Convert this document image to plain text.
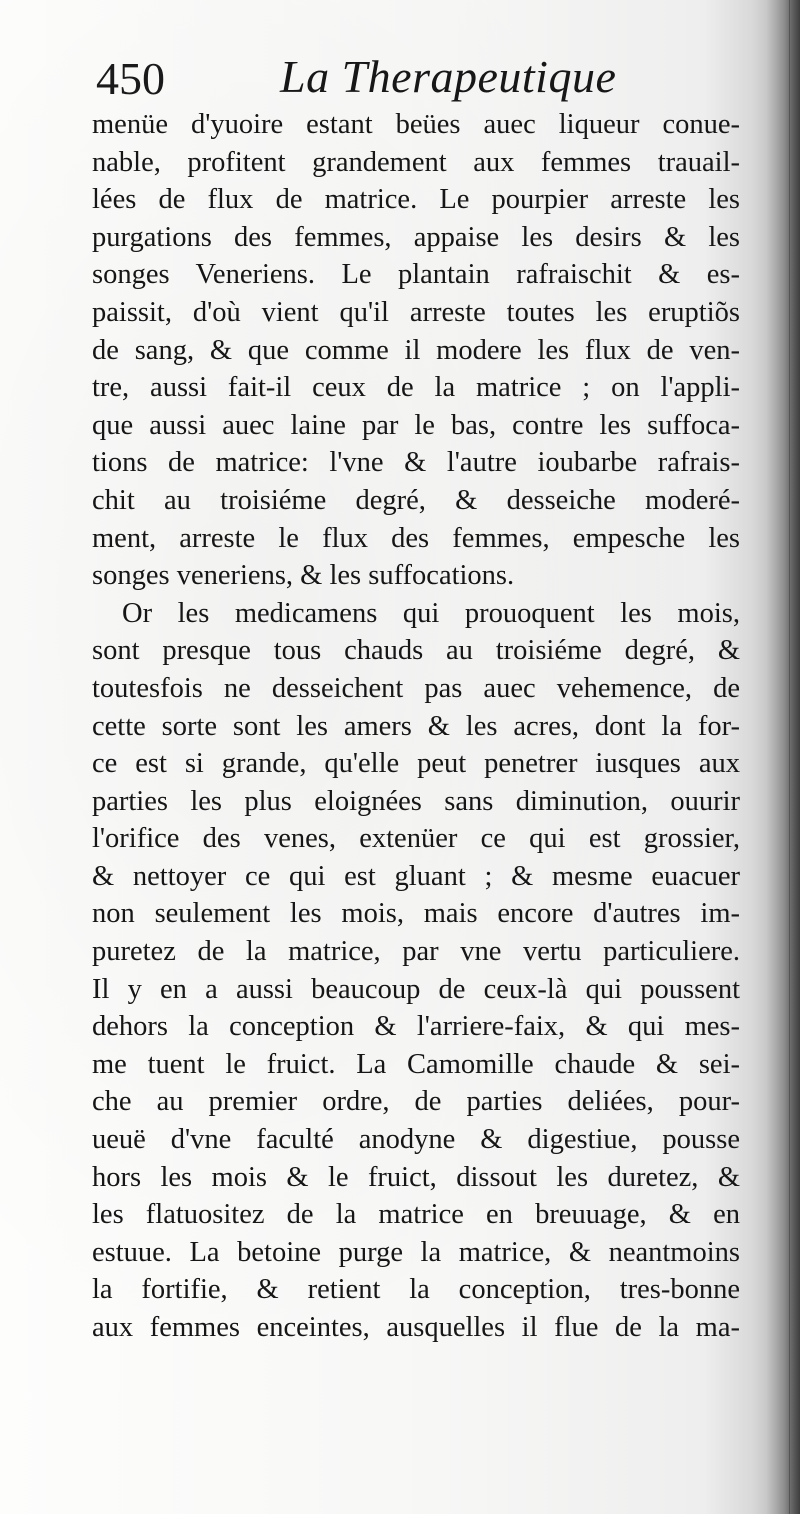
450	La Therapeutique
menüe d'yuoire estant beües auec liqueur conue-
nable, profitent grandement aux femmes trauail-
lées de flux de matrice. Le pourpier arreste les
purgations des femmes, appaise les desirs & les
songes Veneriens. Le plantain rafraischit & es-
paissit, d'où vient qu'il arreste toutes les eruptiõs
de sang, & que comme il modere les flux de ven-
tre, aussi fait-il ceux de la matrice ; on l'appli-
que aussi auec laine par le bas, contre les suffoca-
tions de matrice: l'vne & l'autre ioubarbe rafrais-
chit au troisiéme degré, & desseiche moderé-
ment, arreste le flux des femmes, empesche les
songes veneriens, & les suffocations.
Or les medicamens qui prouoquent les mois,
sont presque tous chauds au troisiéme degré, &
toutesfois ne desseichent pas auec vehemence, de
cette sorte sont les amers & les acres, dont la for-
ce est si grande, qu'elle peut penetrer iusques aux
parties les plus eloignées sans diminution, ouurir
l'orifice des venes, extenüer ce qui est grossier,
& nettoyer ce qui est gluant ; & mesme euacuer
non seulement les mois, mais encore d'autres im-
puretez de la matrice, par vne vertu particuliere.
Il y en a aussi beaucoup de ceux-là qui poussent
dehors la conception & l'arriere-faix, & qui mes-
me tuent le fruict. La Camomille chaude & sei-
che au premier ordre, de parties deliées, pour-
ueuë d'vne faculté anodyne & digestiue, pousse
hors les mois & le fruict, dissout les duretez, &
les flatuositez de la matrice en breuuage, & en
estuue. La betoine purge la matrice, & neantmoins
la fortifie, & retient la conception, tres-bonne
aux femmes enceintes, ausquelles il flue de la ma-
